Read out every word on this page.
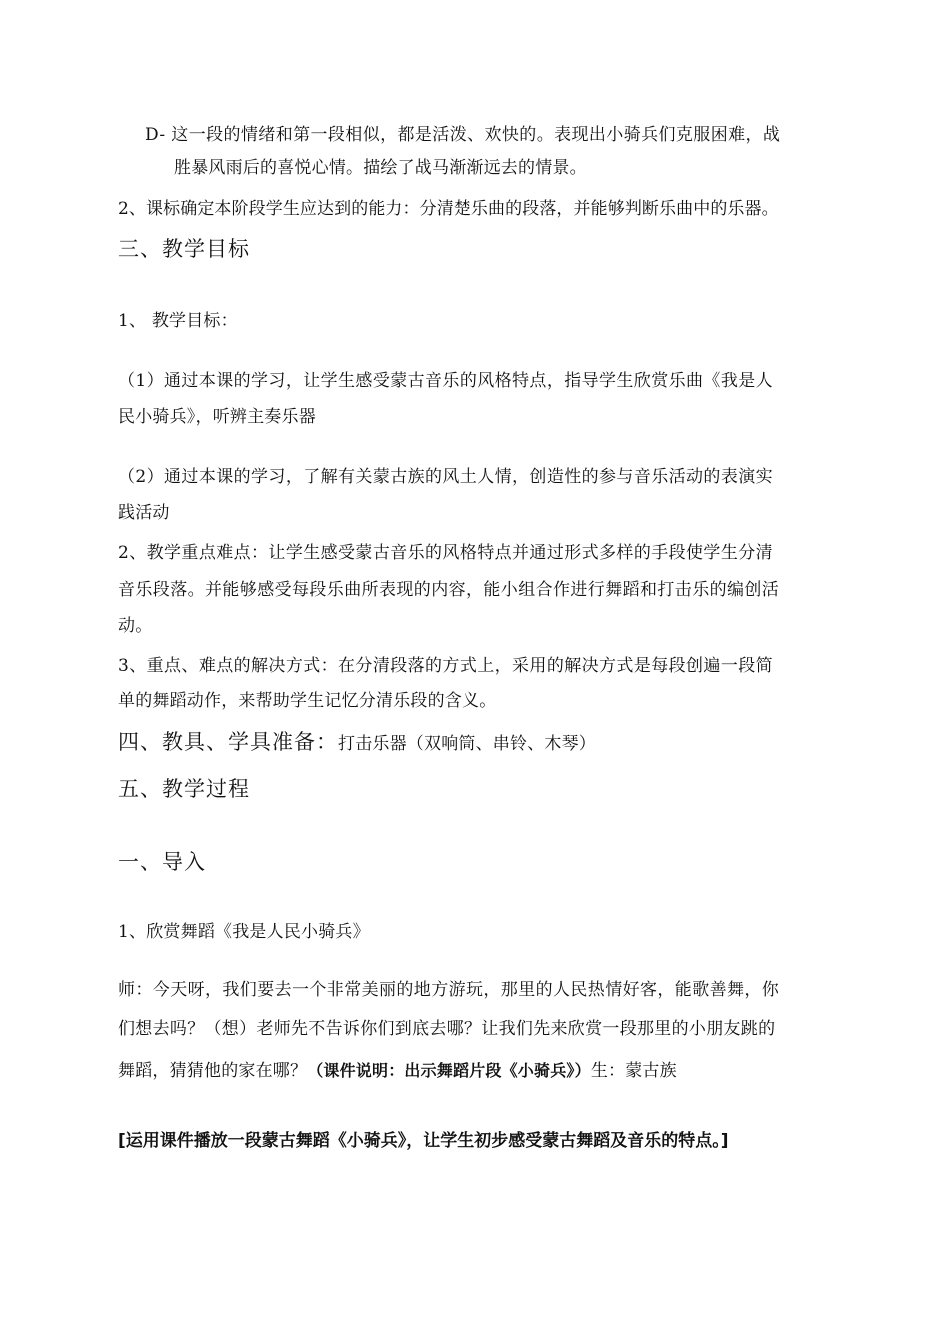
D- 这一段的情绪和第一段相似，都是活泼、欢快的。表现出小骑兵们克服困难，战
胜暴风雨后的喜悦心情。描绘了战马渐渐远去的情景。
2、课标确定本阶段学生应达到的能力：分清楚乐曲的段落，并能够判断乐曲中的乐器。
三、教学目标
1、 教学目标：
（1）通过本课的学习，让学生感受蒙古音乐的风格特点，指导学生欣赏乐曲《我是人
民小骑兵》，听辨主奏乐器
（2）通过本课的学习，了解有关蒙古族的风土人情，创造性的参与音乐活动的表演实
践活动
2、教学重点难点：让学生感受蒙古音乐的风格特点并通过形式多样的手段使学生分清
音乐段落。并能够感受每段乐曲所表现的内容，能小组合作进行舞蹈和打击乐的编创活
动。
3、重点、难点的解决方式：在分清段落的方式上，采用的解决方式是每段创遍一段简
单的舞蹈动作，来帮助学生记忆分清乐段的含义。
四、教具、学具准备：打击乐器（双响筒、串铃、木琴）
五、教学过程
一、导入
1、欣赏舞蹈《我是人民小骑兵》
师：今天呀，我们要去一个非常美丽的地方游玩，那里的人民热情好客，能歌善舞，你
们想去吗？（想）老师先不告诉你们到底去哪？让我们先来欣赏一段那里的小朋友跳的
舞蹈，猜猜他的家在哪？（课件说明：出示舞蹈片段《小骑兵》）生：蒙古族
[运用课件播放一段蒙古舞蹈《小骑兵》，让学生初步感受蒙古舞蹈及音乐的特点。]
